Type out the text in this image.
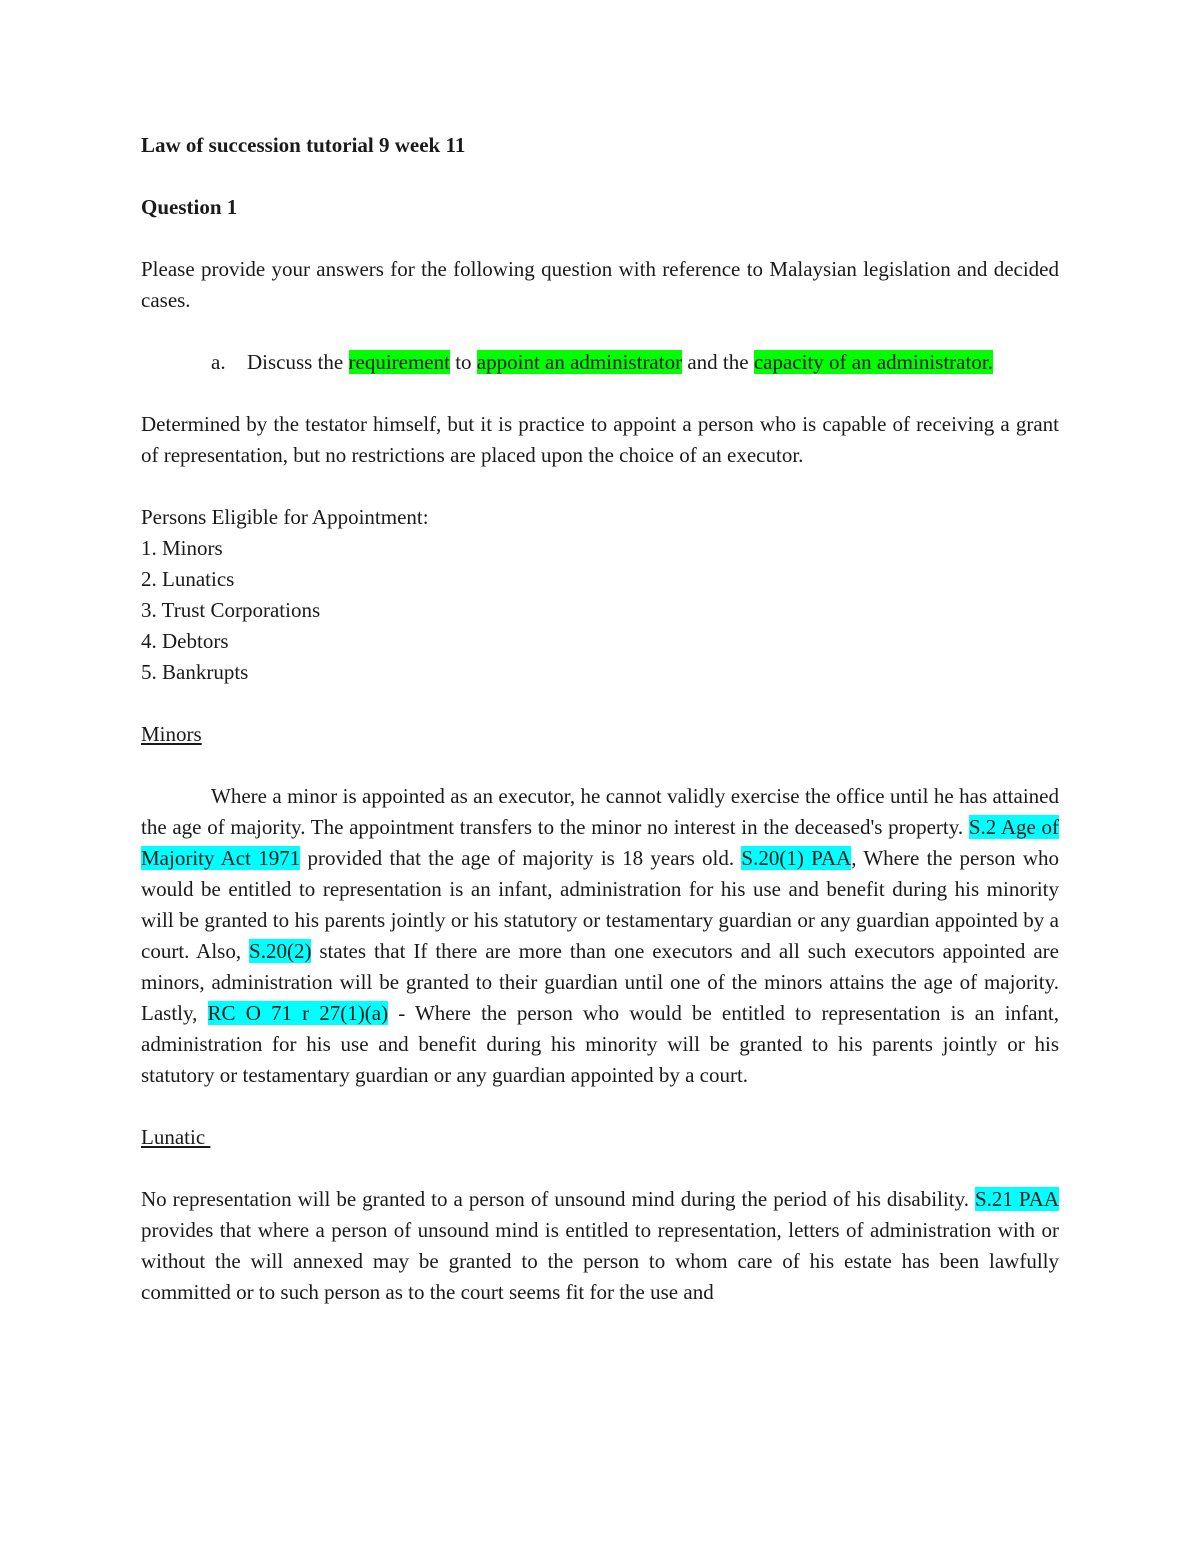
Law of succession tutorial 9 week 11

Question 1

Please provide your answers for the following question with reference to Malaysian legislation and decided cases.

a.	Discuss the requirement to appoint an administrator and the capacity of an administrator.

Determined by the testator himself, but it is practice to appoint a person who is capable of receiving a grant of representation, but no restrictions are placed upon the choice of an executor.

Persons Eligible for Appointment:

1. Minors
2. Lunatics
3. Trust Corporations
4. Debtors
5. Bankrupts

Minors

Where a minor is appointed as an executor, he cannot validly exercise the office until he has attained the age of majority. The appointment transfers to the minor no interest in the deceased's property. S.2 Age of Majority Act 1971 provided that the age of majority is 18 years old. S.20(1) PAA, Where the person who would be entitled to representation is an infant, administration for his use and benefit during his minority will be granted to his parents jointly or his statutory or testamentary guardian or any guardian appointed by a court. Also, S.20(2) states that If there are more than one executors and all such executors appointed are minors, administration will be granted to their guardian until one of the minors attains the age of majority. Lastly, RC O 71 r 27(1)(a) - Where the person who would be entitled to representation is an infant, administration for his use and benefit during his minority will be granted to his parents jointly or his statutory or testamentary guardian or any guardian appointed by a court.

Lunatic

No representation will be granted to a person of unsound mind during the period of his disability. S.21 PAA provides that where a person of unsound mind is entitled to representation, letters of administration with or without the will annexed may be granted to the person to whom care of his estate has been lawfully committed or to such person as to the court seems fit for the use and
